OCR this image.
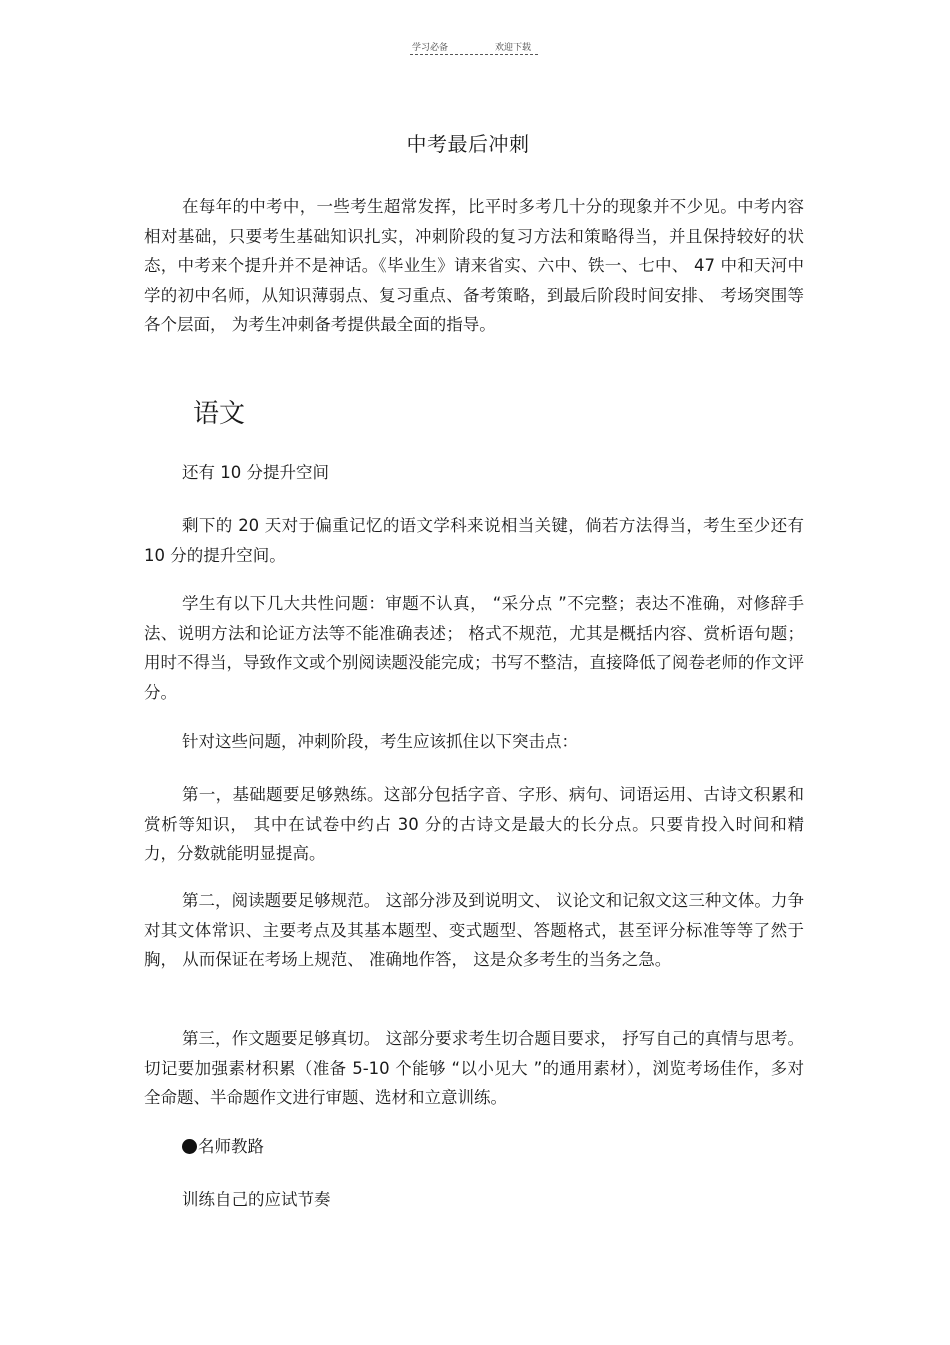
学习必备	欢迎下载
中考最后冲刺
在每年的中考中，一些考生超常发挥，比平时多考几十分的现象并不少见。中考内容相对基础，只要考生基础知识扎实，冲刺阶段的复习方法和策略得当，并且保持较好的状态，中考来个提升并不是神话。《毕业生》请来省实、六中、铁一、七中、 47 中和天河中学的初中名师，从知识薄弱点、复习重点、备考策略，到最后阶段时间安排、 考场突围等各个层面， 为考生冲刺备考提供最全面的指导。
语文
还有 10 分提升空间
剩下的 20 天对于偏重记忆的语文学科来说相当关键，倘若方法得当，考生至少还有 10 分的提升空间。
学生有以下几大共性问题：审题不认真， “采分点 ”不完整；表达不准确，对修辞手法、说明方法和论证方法等不能准确表述； 格式不规范，尤其是概括内容、赏析语句题；用时不得当，导致作文或个别阅读题没能完成；书写不整洁，直接降低了阅卷老师的作文评分。
针对这些问题，冲刺阶段，考生应该抓住以下突击点：
第一，基础题要足够熟练。这部分包括字音、字形、病句、词语运用、古诗文积累和赏析等知识， 其中在试卷中约占 30 分的古诗文是最大的长分点。只要肯投入时间和精力，分数就能明显提高。
第二，阅读题要足够规范。 这部分涉及到说明文、 议论文和记叙文这三种文体。力争对其文体常识、主要考点及其基本题型、变式题型、答题格式，甚至评分标准等等了然于胸， 从而保证在考场上规范、 准确地作答， 这是众多考生的当务之急。
第三，作文题要足够真切。 这部分要求考生切合题目要求， 抒写自己的真情与思考。切记要加强素材积累（准备 5-10 个能够 “以小见大 ”的通用素材），浏览考场佳作，多对全命题、半命题作文进行审题、选材和立意训练。
名师教路
训练自己的应试节奏
